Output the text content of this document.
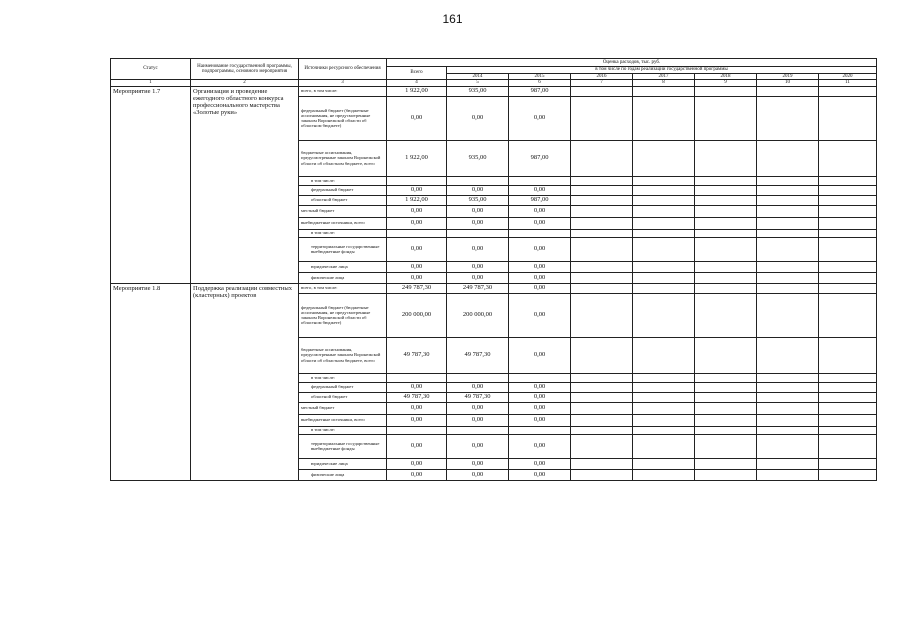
161
Статус	Наименование государственной программы, подпрограммы, основного мероприятия	Источники ресурсного обеспечения	Оценка расходов, тыс. руб.							
			Всего	в том числе по годам реализации государственной программы						
				2014	2015	2016	2017	2018	2019	2020
1	2	3	4	5	6	7	8	9	10	11
Мероприятие 1.7	Организация и проведение ежегодного областного конкурса профессионального мастерства «Золотые руки»	всего, в том числе:	1 922,00	935,00	987,00					
		федеральный бюджет (бюджетные ассигнования, не предусмотренные законом Воронежской области об областном бюджете)	0,00	0,00	0,00					
		бюджетные ассигнования, предусмотренные законом Воронежской области об областном бюджете, всего	1 922,00	935,00	987,00					
		в том числе:								
		федеральный бюджет	0,00	0,00	0,00					
		областной бюджет	1 922,00	935,00	987,00					
		местный бюджет	0,00	0,00	0,00					
		внебюджетные источники, всего	0,00	0,00	0,00					
		в том числе:								
		территориальные государственные внебюджетные фонды	0,00	0,00	0,00					
		юридические лица	0,00	0,00	0,00					
		физические лица	0,00	0,00	0,00					
Мероприятие 1.8	Поддержка реализации совместных (кластерных) проектов	всего, в том числе:	249 787,30	249 787,30	0,00					
		федеральный бюджет (бюджетные ассигнования, не предусмотренные законом Воронежской области об областном бюджете)	200 000,00	200 000,00	0,00					
		бюджетные ассигнования, предусмотренные законом Воронежской области об областном бюджете, всего	49 787,30	49 787,30	0,00					
		в том числе:								
		федеральный бюджет	0,00	0,00	0,00					
		областной бюджет	49 787,30	49 787,30	0,00					
		местный бюджет	0,00	0,00	0,00					
		внебюджетные источники, всего	0,00	0,00	0,00					
		в том числе:								
		территориальные государственные внебюджетные фонды	0,00	0,00	0,00					
		юридические лица	0,00	0,00	0,00					
		физические лица	0,00	0,00	0,00					
